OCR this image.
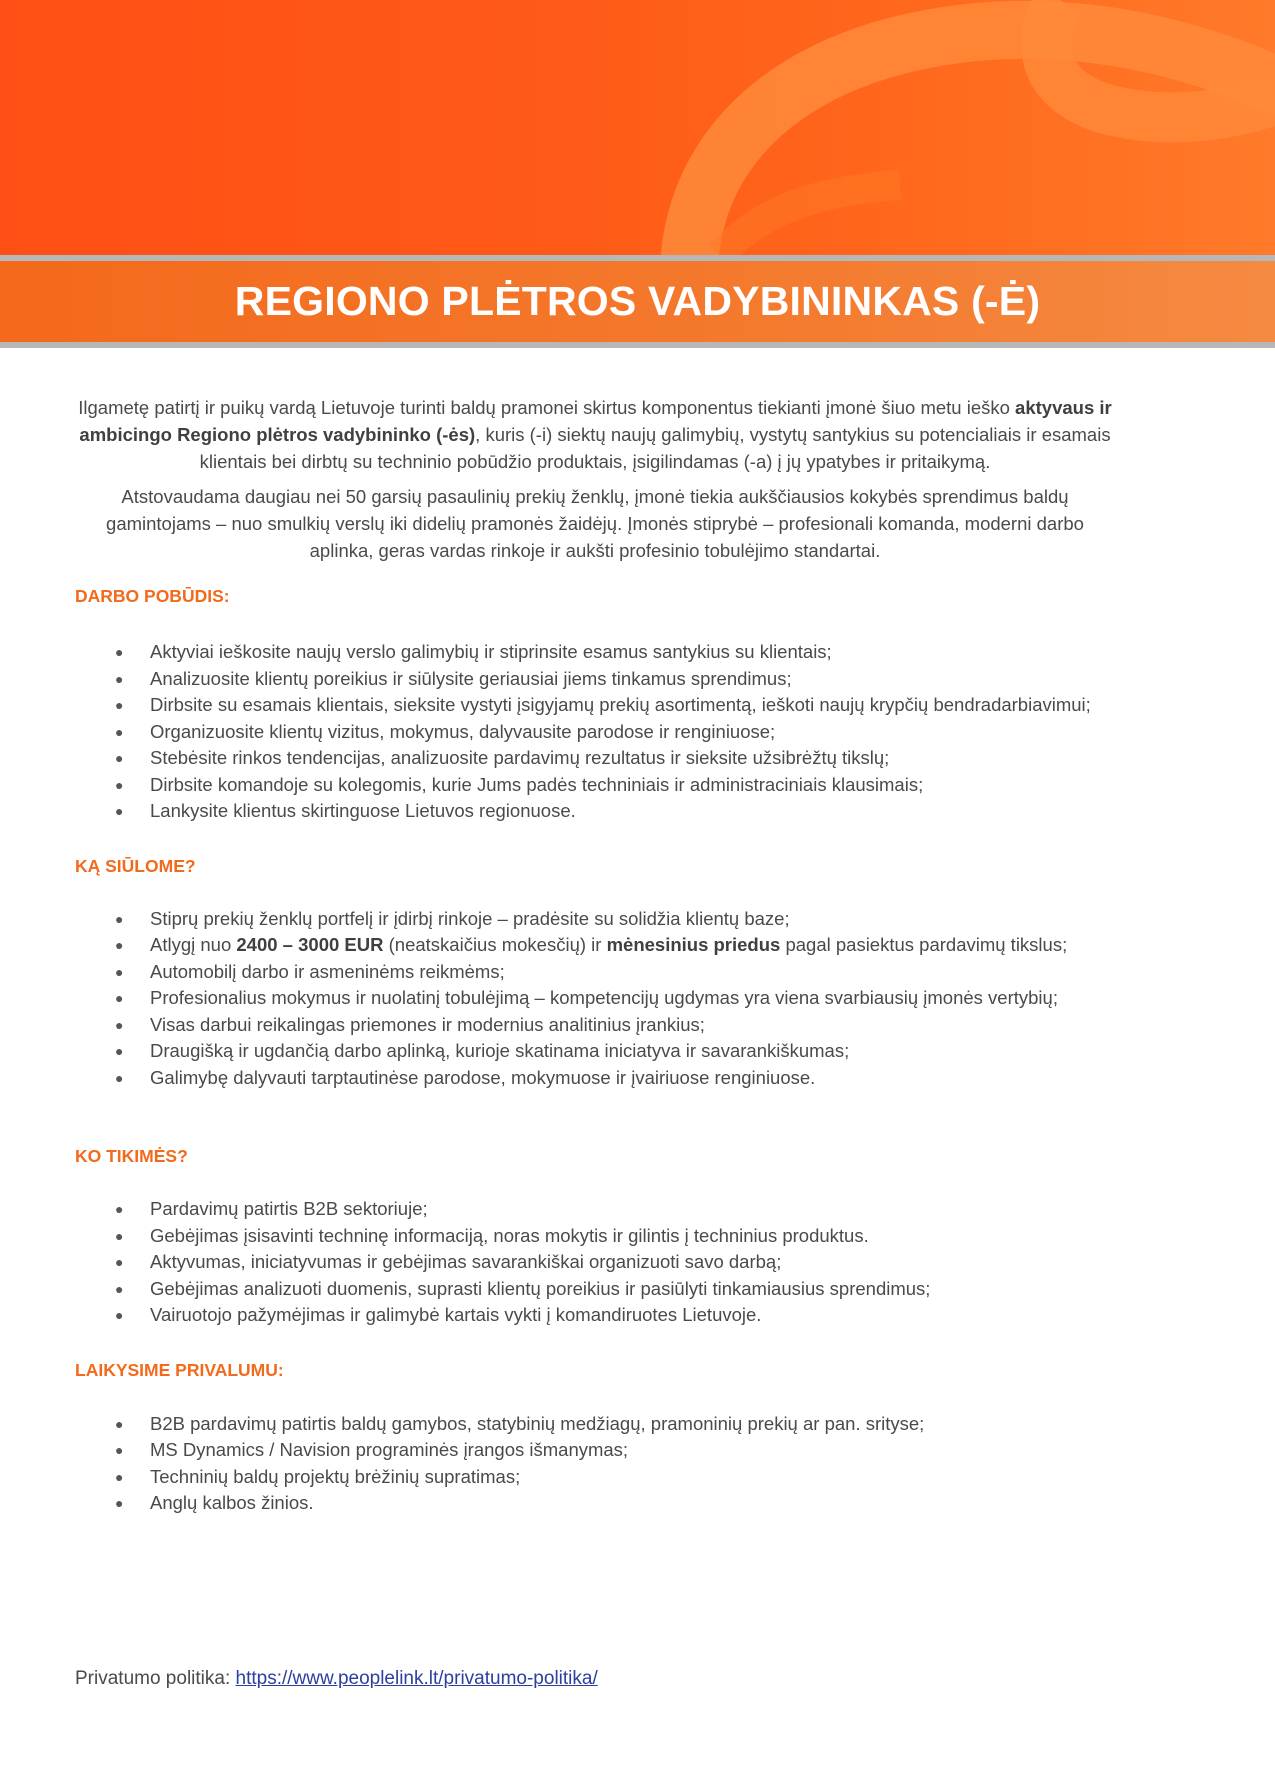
REGIONO PLĖTROS VADYBININKAS (-Ė)

Ilgametę patirtį ir puikų vardą Lietuvoje turinti baldų pramonei skirtus komponentus tiekianti įmonė šiuo metu ieško aktyvaus ir ambicingo Regiono plėtros vadybininko (-ės), kuris (-i) siektų naujų galimybių, vystytų santykius su potencialiais ir esamais klientais bei dirbtų su techninio pobūdžio produktais, įsigilindamas (-a) į jų ypatybes ir pritaikymą.

Atstovaudama daugiau nei 50 garsių pasaulinių prekių ženklų, įmonė tiekia aukščiausios kokybės sprendimus baldų gamintojams – nuo smulkių verslų iki didelių pramonės žaidėjų. Įmonės stiprybė – profesionali komanda, moderni darbo aplinka, geras vardas rinkoje ir aukšti profesinio tobulėjimo standartai.

DARBO POBŪDIS:
● Aktyviai ieškosite naujų verslo galimybių ir stiprinsite esamus santykius su klientais;
● Analizuosite klientų poreikius ir siūlysite geriausiai jiems tinkamus sprendimus;
● Dirbsite su esamais klientais, sieksite vystyti įsigyjamų prekių asortimentą, ieškoti naujų krypčių bendradarbiavimui;
● Organizuosite klientų vizitus, mokymus, dalyvausite parodose ir renginiuose;
● Stebėsite rinkos tendencijas, analizuosite pardavimų rezultatus ir sieksite užsibrėžtų tikslų;
● Dirbsite komandoje su kolegomis, kurie Jums padės techniniais ir administraciniais klausimais;
● Lankysite klientus skirtinguose Lietuvos regionuose.
KĄ SIŪLOME?
● Stiprų prekių ženklų portfelį ir įdirbį rinkoje – pradėsite su solidžia klientų baze;
● Atlygį nuo 2400 – 3000 EUR (neatskaičius mokesčių) ir mėnesinius priedus pagal pasiektus pardavimų tikslus;
● Automobilį darbo ir asmeninėms reikmėms;
● Profesionalius mokymus ir nuolatinį tobulėjimą – kompetencijų ugdymas yra viena svarbiausių įmonės vertybių;
● Visas darbui reikalingas priemones ir modernius analitinius įrankius;
● Draugišką ir ugdančią darbo aplinką, kurioje skatinama iniciatyva ir savarankiškumas;
● Galimybę dalyvauti tarptautinėse parodose, mokymuose ir įvairiuose renginiuose.
KO TIKIMĖS?
● Pardavimų patirtis B2B sektoriuje;
● Gebėjimas įsisavinti techninę informaciją, noras mokytis ir gilintis į techninius produktus.
● Aktyvumas, iniciatyvumas ir gebėjimas savarankiškai organizuoti savo darbą;
● Gebėjimas analizuoti duomenis, suprasti klientų poreikius ir pasiūlyti tinkamiausius sprendimus;
● Vairuotojo pažymėjimas ir galimybė kartais vykti į komandiruotes Lietuvoje.
LAIKYSIME PRIVALUMU:
● B2B pardavimų patirtis baldų gamybos, statybinių medžiagų, pramoninių prekių ar pan. srityse;
● MS Dynamics / Navision programinės įrangos išmanymas;
● Techninių baldų projektų brėžinių supratimas;
● Anglų kalbos žinios.
Privatumo politika: https://www.peoplelink.lt/privatumo-politika/
